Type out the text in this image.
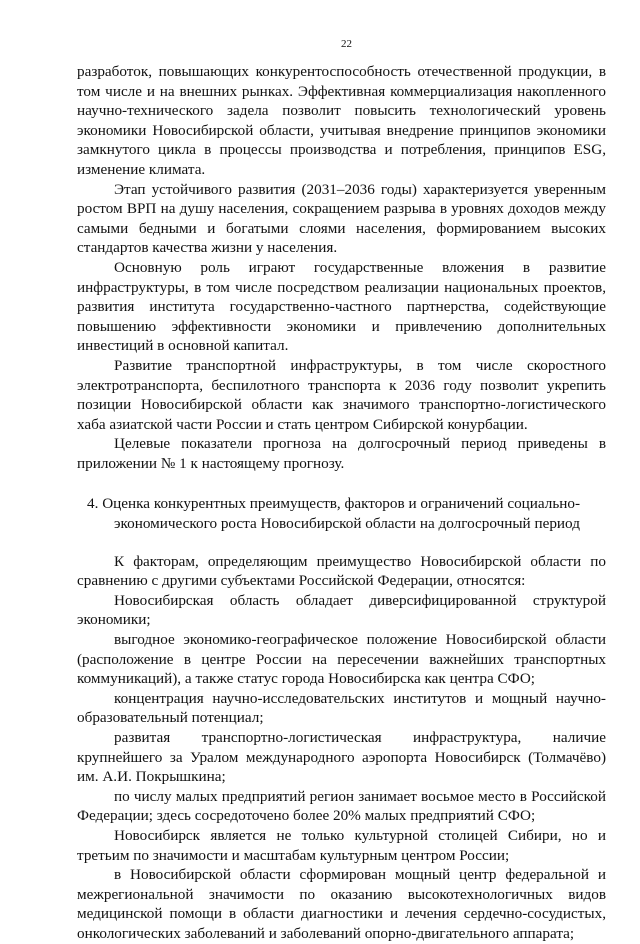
22

разработок, повышающих конкурентоспособность отечественной продукции, в том числе и на внешних рынках. Эффективная коммерциализация накопленного научно-технического задела позволит повысить технологический уровень экономики Новосибирской области, учитывая внедрение принципов экономики замкнутого цикла в процессы производства и потребления, принципов ESG, изменение климата.

Этап устойчивого развития (2031–2036 годы) характеризуется уверенным ростом ВРП на душу населения, сокращением разрыва в уровнях доходов между самыми бедными и богатыми слоями населения, формированием высоких стандартов качества жизни у населения.

Основную роль играют государственные вложения в развитие инфраструктуры, в том числе посредством реализации национальных проектов, развития института государственно-частного партнерства, содействующие повышению эффективности экономики и привлечению дополнительных инвестиций в основной капитал.

Развитие транспортной инфраструктуры, в том числе скоростного электротранспорта, беспилотного транспорта к 2036 году позволит укрепить позиции Новосибирской области как значимого транспортно-логистического хаба азиатской части России и стать центром Сибирской конурбации.

Целевые показатели прогноза на долгосрочный период приведены в приложении № 1 к настоящему прогнозу.

4. Оценка конкурентных преимуществ, факторов и ограничений социально-

экономического роста Новосибирской области на долгосрочный период

К факторам, определяющим преимущество Новосибирской области по сравнению с другими субъектами Российской Федерации, относятся:

Новосибирская область обладает диверсифицированной структурой экономики;

выгодное экономико-географическое положение Новосибирской области (расположение в центре России на пересечении важнейших транспортных коммуникаций), а также статус города Новосибирска как центра СФО;

концентрация научно-исследовательских институтов и мощный научно-образовательный потенциал;

развитая транспортно-логистическая инфраструктура, наличие крупнейшего за Уралом международного аэропорта Новосибирск (Толмачёво) им. А.И. Покрышкина;

по числу малых предприятий регион занимает восьмое место в Российской Федерации; здесь сосредоточено более 20% малых предприятий СФО;

Новосибирск является не только культурной столицей Сибири, но и третьим по значимости и масштабам культурным центром России;

в Новосибирской области сформирован мощный центр федеральной и межрегиональной значимости по оказанию высокотехнологичных видов медицинской помощи в области диагностики и лечения сердечно-сосудистых, онкологических заболеваний и заболеваний опорно-двигательного аппарата;
